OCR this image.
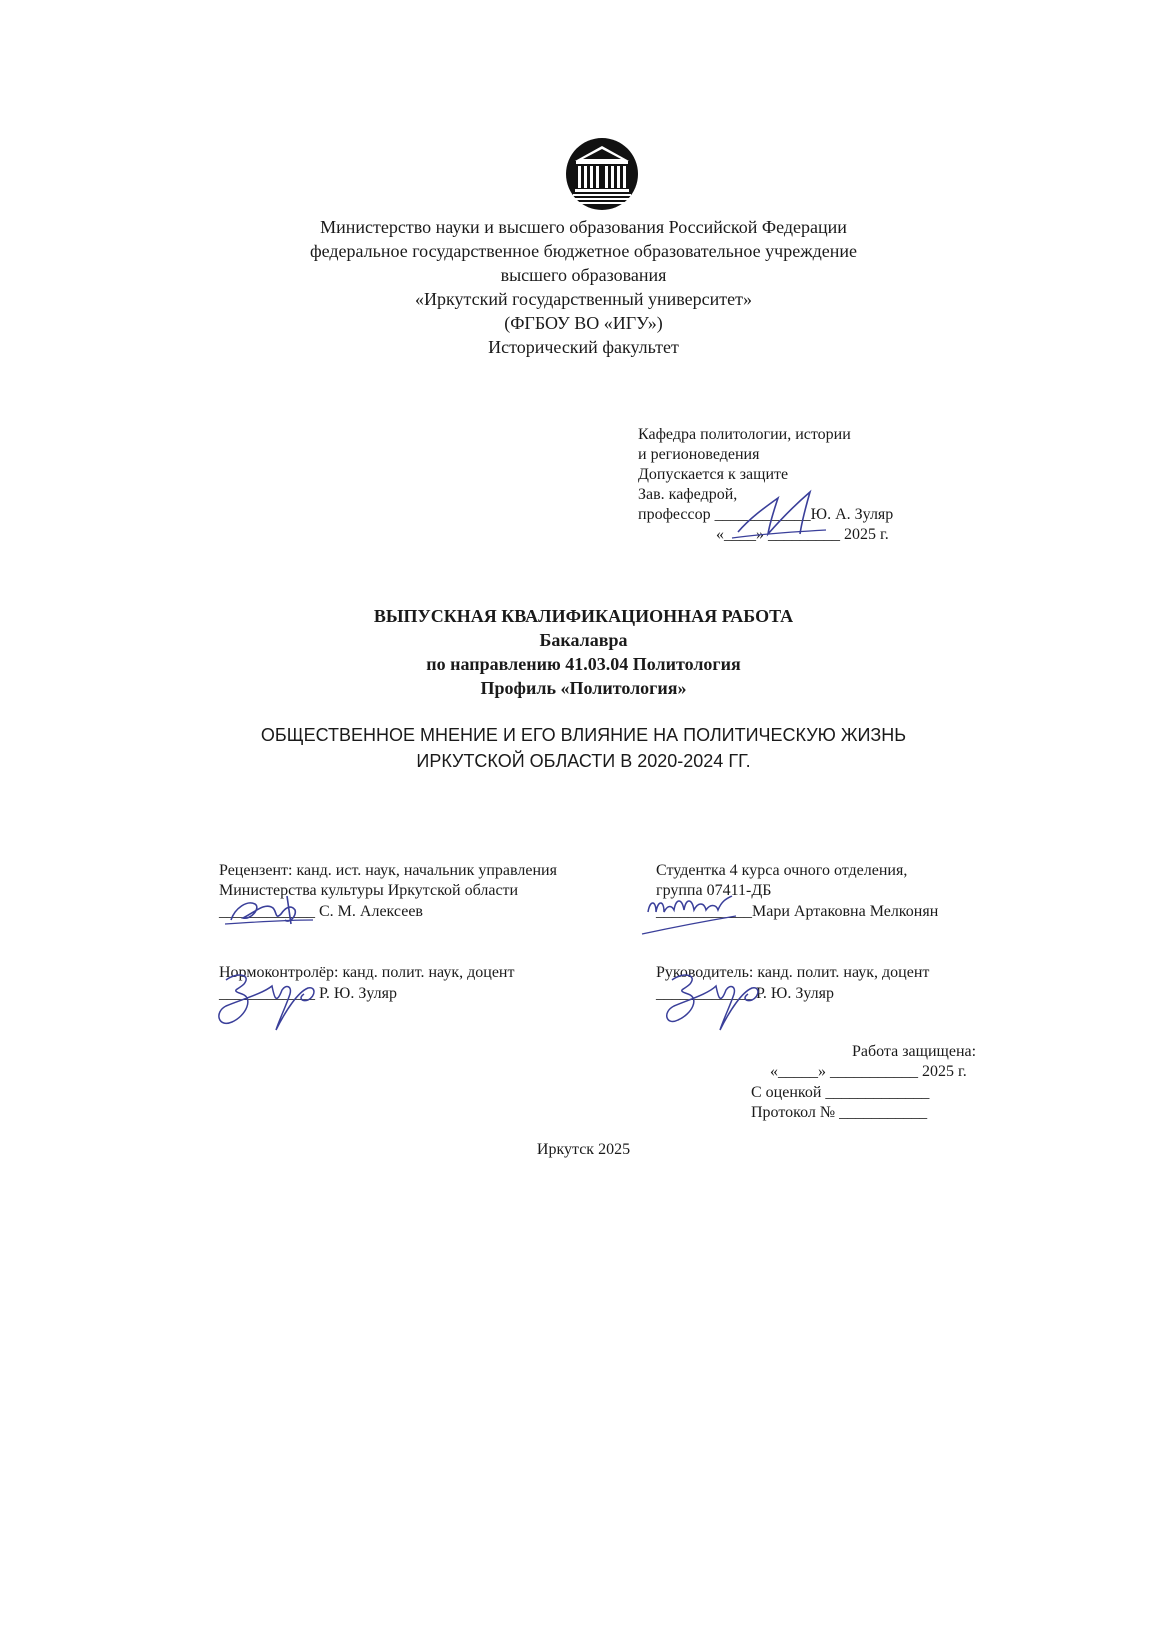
Министерство науки и высшего образования Российской Федерации
федеральное государственное бюджетное образовательное учреждение
высшего образования
«Иркутский государственный университет»
(ФГБОУ ВО «ИГУ»)
Исторический факультет
Кафедра политологии, истории
и регионоведения
Допускается к защите
Зав. кафедрой,
профессор ____________Ю. А. Зуляр
«____» _________ 2025 г.
ВЫПУСКНАЯ КВАЛИФИКАЦИОННАЯ РАБОТА
Бакалавра
по направлению 41.03.04 Политология
Профиль «Политология»
ОБЩЕСТВЕННОЕ МНЕНИЕ И ЕГО ВЛИЯНИЕ НА ПОЛИТИЧЕСКУЮ ЖИЗНЬ
ИРКУТСКОЙ ОБЛАСТИ В 2020-2024 ГГ.
Рецензент: канд. ист. наук, начальник управления
Министерства культуры Иркутской области
____________ С. М. Алексеев
Студентка 4 курса очного отделения,
группа 07411-ДБ
____________Мари Артаковна Мелконян
Нормоконтролёр: канд. полит. наук, доцент
____________ Р. Ю. Зуляр
Руководитель: канд. полит. наук, доцент
____________ Р. Ю. Зуляр
Работа защищена:
«_____» ___________ 2025 г.
С оценкой _____________
Протокол № ___________
Иркутск 2025
